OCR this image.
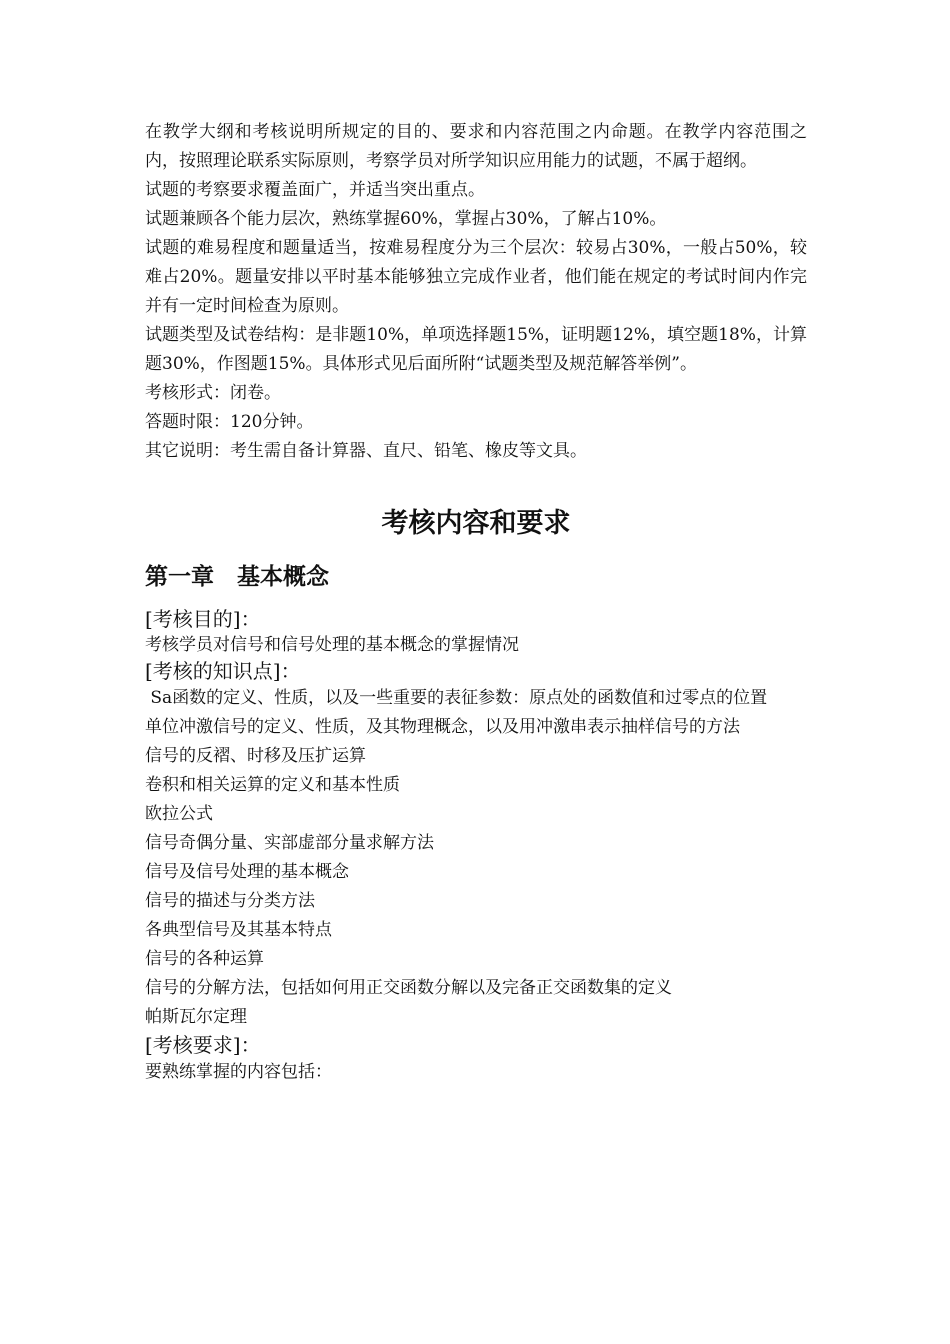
在教学大纲和考核说明所规定的目的、要求和内容范围之内命题。在教学内容范围之内，按照理论联系实际原则，考察学员对所学知识应用能力的试题，不属于超纲。

试题的考察要求覆盖面广，并适当突出重点。

试题兼顾各个能力层次，熟练掌握60%，掌握占30%，了解占10%。

试题的难易程度和题量适当，按难易程度分为三个层次：较易占30%，一般占50%，较难占20%。题量安排以平时基本能够独立完成作业者，他们能在规定的考试时间内作完并有一定时间检查为原则。

试题类型及试卷结构：是非题10%，单项选择题15%，证明题12%，填空题18%，计算题30%，作图题15%。具体形式见后面所附“试题类型及规范解答举例”。

考核形式：闭卷。

答题时限：120分钟。

其它说明：考生需自备计算器、直尺、铅笔、橡皮等文具。

考核内容和要求
第一章　基本概念

[考核目的]：

考核学员对信号和信号处理的基本概念的掌握情况

[考核的知识点]：

Sa函数的定义、性质，以及一些重要的表征参数：原点处的函数值和过零点的位置

单位冲激信号的定义、性质，及其物理概念，以及用冲激串表示抽样信号的方法

信号的反褶、时移及压扩运算

卷积和相关运算的定义和基本性质

欧拉公式

信号奇偶分量、实部虚部分量求解方法

信号及信号处理的基本概念

信号的描述与分类方法

各典型信号及其基本特点

信号的各种运算

信号的分解方法，包括如何用正交函数分解以及完备正交函数集的定义

帕斯瓦尔定理

[考核要求]：

要熟练掌握的内容包括：
